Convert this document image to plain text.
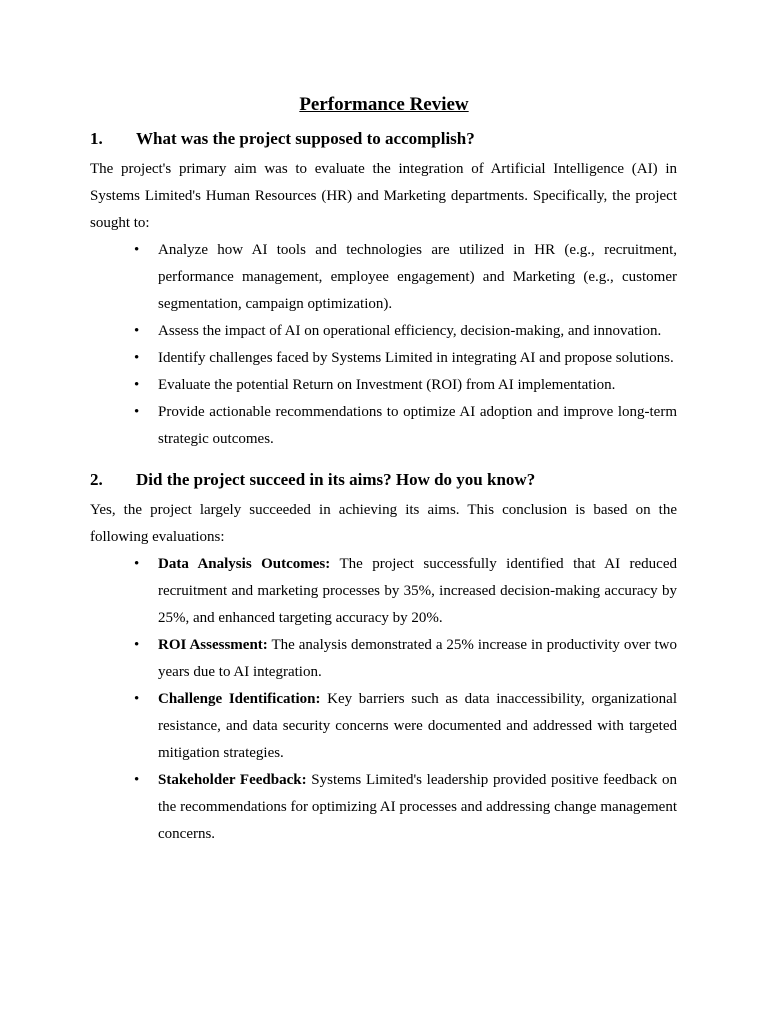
Performance Review
1.	What was the project supposed to accomplish?

The project's primary aim was to evaluate the integration of Artificial Intelligence (AI) in Systems Limited's Human Resources (HR) and Marketing departments. Specifically, the project sought to:

• Analyze how AI tools and technologies are utilized in HR (e.g., recruitment, performance management, employee engagement) and Marketing (e.g., customer segmentation, campaign optimization).
• Assess the impact of AI on operational efficiency, decision-making, and innovation.
• Identify challenges faced by Systems Limited in integrating AI and propose solutions.
• Evaluate the potential Return on Investment (ROI) from AI implementation.
• Provide actionable recommendations to optimize AI adoption and improve long-term strategic outcomes.
2.	Did the project succeed in its aims? How do you know?

Yes, the project largely succeeded in achieving its aims. This conclusion is based on the following evaluations:

• Data Analysis Outcomes: The project successfully identified that AI reduced recruitment and marketing processes by 35%, increased decision-making accuracy by 25%, and enhanced targeting accuracy by 20%.
• ROI Assessment: The analysis demonstrated a 25% increase in productivity over two years due to AI integration.
• Challenge Identification: Key barriers such as data inaccessibility, organizational resistance, and data security concerns were documented and addressed with targeted mitigation strategies.
• Stakeholder Feedback: Systems Limited's leadership provided positive feedback on the recommendations for optimizing AI processes and addressing change management concerns.
